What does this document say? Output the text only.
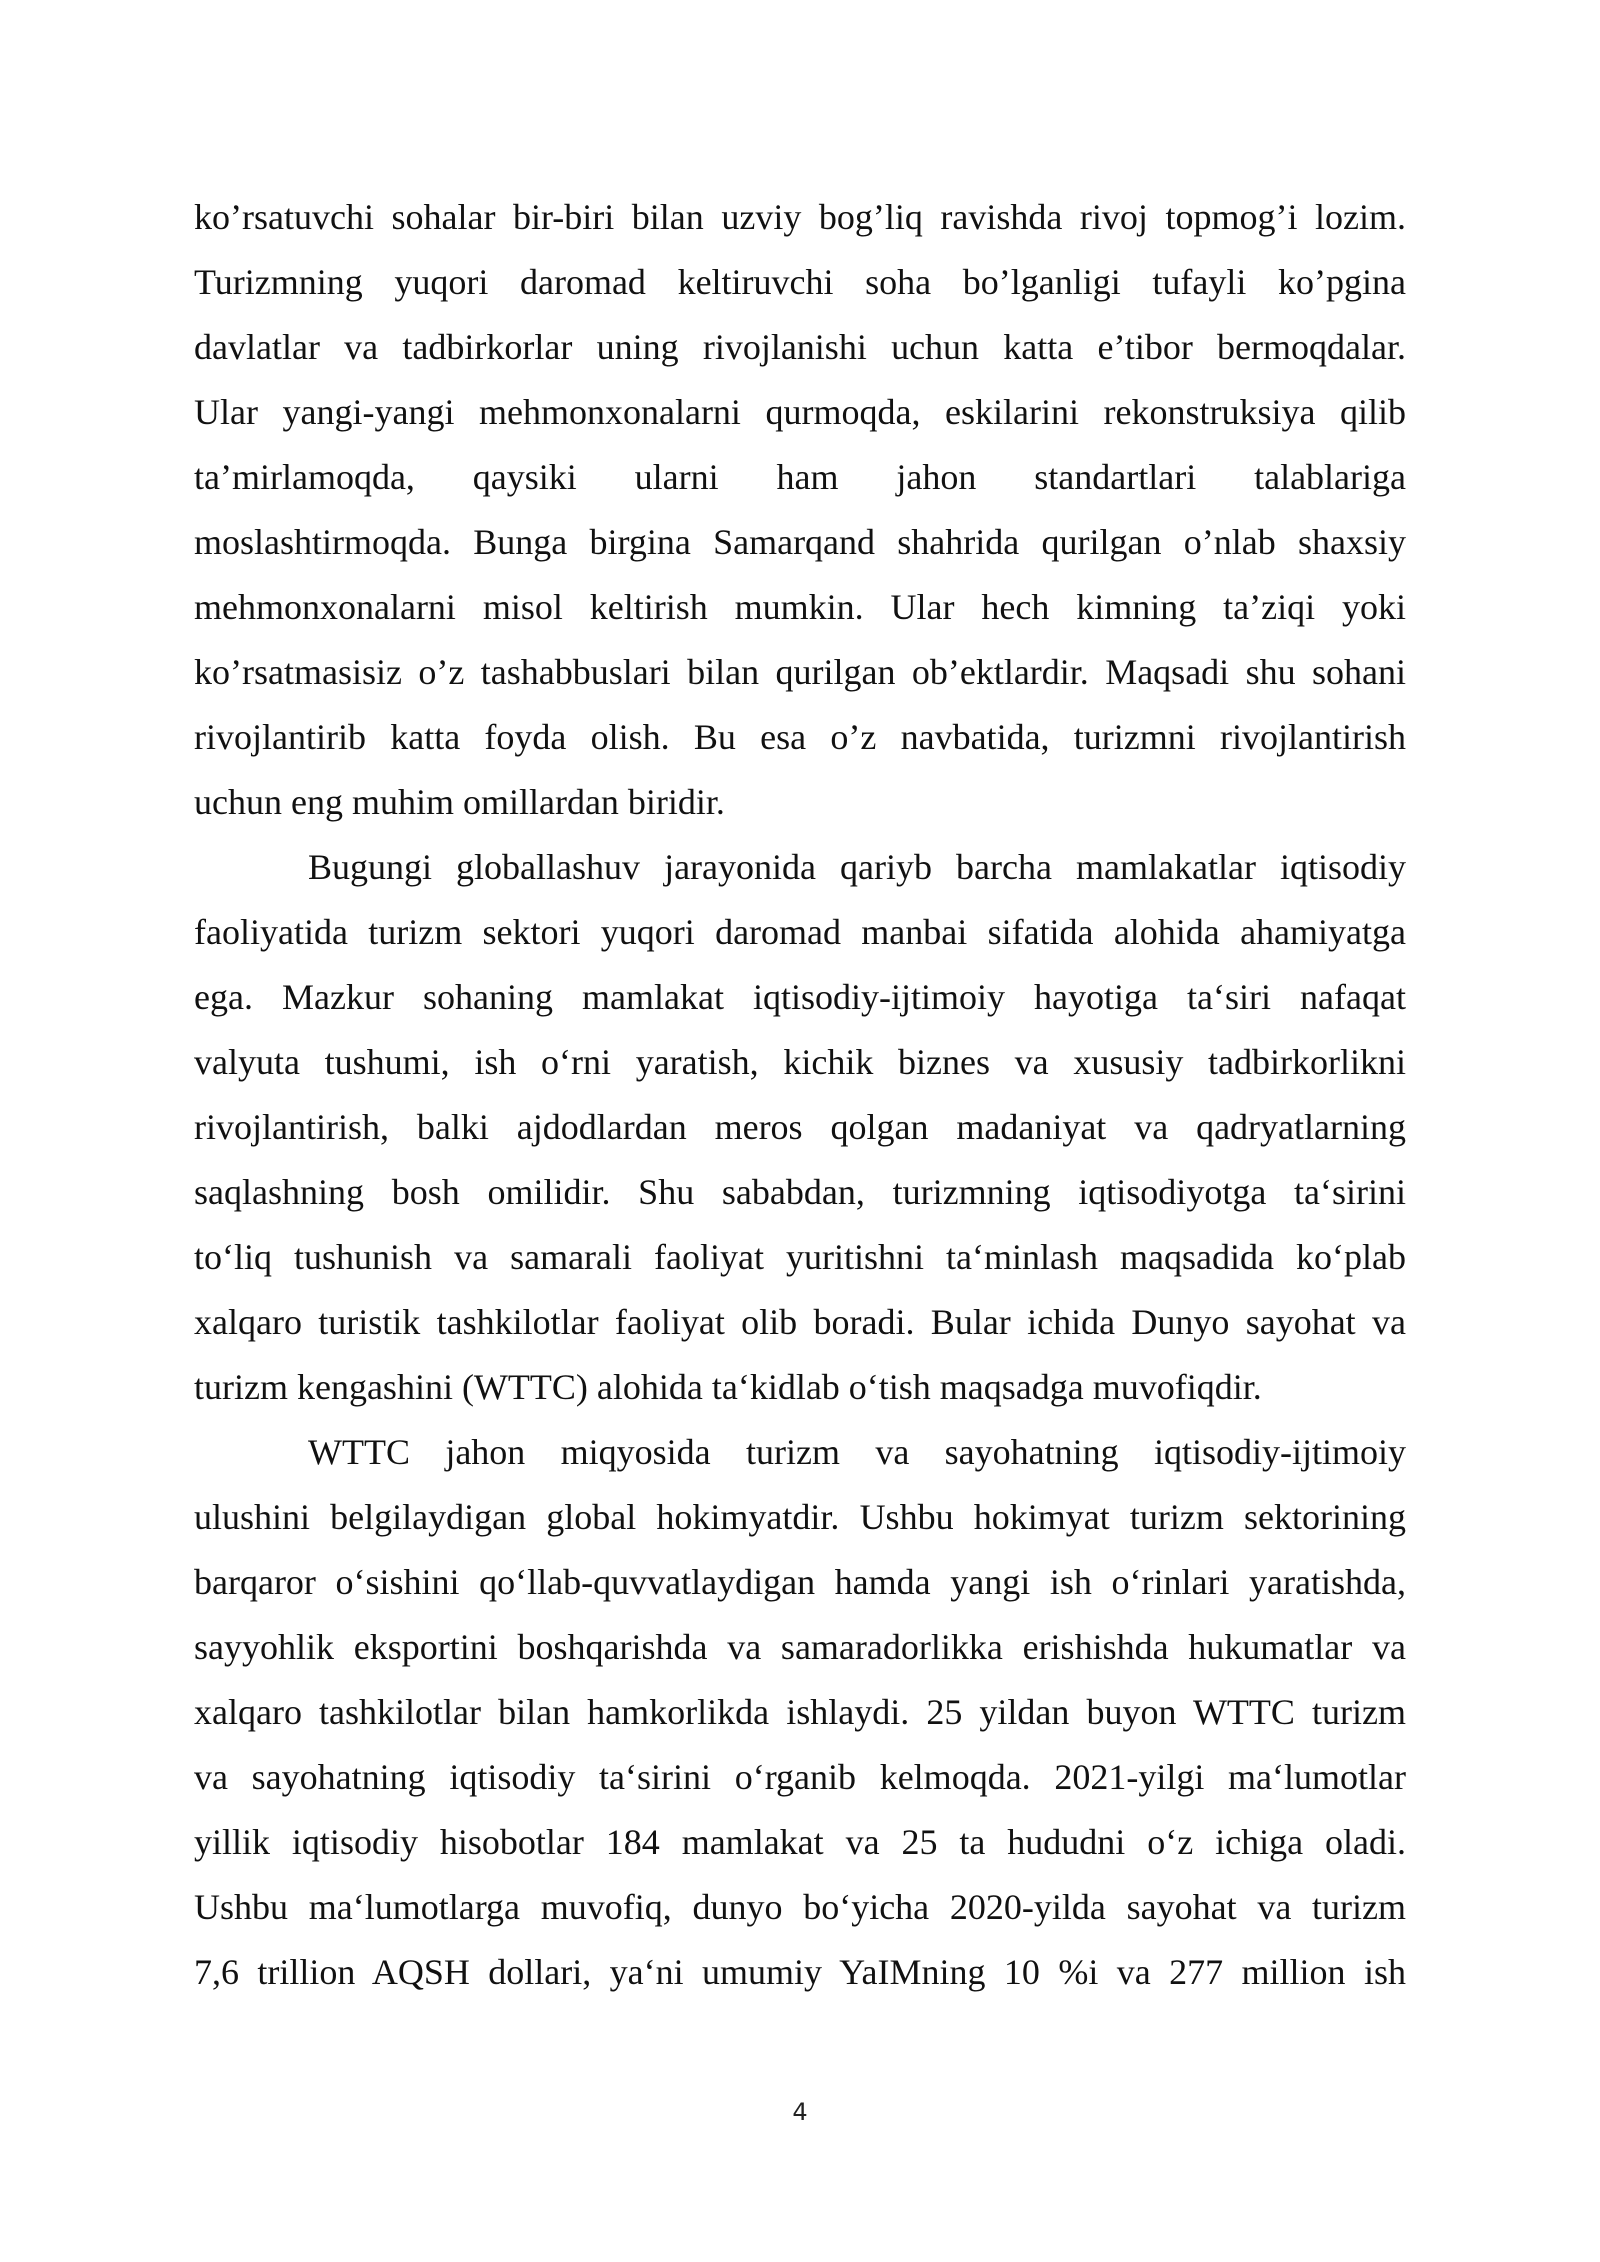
ko’rsatuvchi sohalar bir-biri bilan uzviy bog’liq ravishda rivoj topmog’i lozim.
Turizmning yuqori daromad keltiruvchi soha bo’lganligi tufayli ko’pgina
davlatlar va tadbirkorlar uning rivojlanishi uchun katta e’tibor bermoqdalar.
Ular yangi-yangi mehmonxonalarni qurmoqda, eskilarini rekonstruksiya qilib
ta’mirlamoqda, qaysiki ularni ham jahon standartlari talablariga
moslashtirmoqda. Bunga birgina Samarqand shahrida qurilgan o’nlab shaxsiy
mehmonxonalarni misol keltirish mumkin. Ular hech kimning ta’ziqi yoki
ko’rsatmasisiz o’z tashabbuslari bilan qurilgan ob’ektlardir. Maqsadi shu sohani
rivojlantirib katta foyda olish. Bu esa o’z navbatida, turizmni rivojlantirish
uchun eng muhim omillardan biridir.
Bugungi globallashuv jarayonida qariyb barcha mamlakatlar iqtisodiy
faoliyatida turizm sektori yuqori daromad manbai sifatida alohida ahamiyatga
ega. Mazkur sohaning mamlakat iqtisodiy-ijtimoiy hayotiga ta‘siri nafaqat
valyuta tushumi, ish o‘rni yaratish, kichik biznes va xususiy tadbirkorlikni
rivojlantirish, balki ajdodlardan meros qolgan madaniyat va qadryatlarning
saqlashning bosh omilidir. Shu sababdan, turizmning iqtisodiyotga ta‘sirini
to‘liq tushunish va samarali faoliyat yuritishni ta‘minlash maqsadida ko‘plab
xalqaro turistik tashkilotlar faoliyat olib boradi. Bular ichida Dunyo sayohat va
turizm kengashini (WTTC) alohida ta‘kidlab o‘tish maqsadga muvofiqdir.
WTTC jahon miqyosida turizm va sayohatning iqtisodiy-ijtimoiy
ulushini belgilaydigan global hokimyatdir. Ushbu hokimyat turizm sektorining
barqaror o‘sishini qo‘llab-quvvatlaydigan hamda yangi ish o‘rinlari yaratishda,
sayyohlik eksportini boshqarishda va samaradorlikka erishishda hukumatlar va
xalqaro tashkilotlar bilan hamkorlikda ishlaydi. 25 yildan buyon WTTC turizm
va sayohatning iqtisodiy ta‘sirini o‘rganib kelmoqda. 2021-yilgi ma‘lumotlar
yillik iqtisodiy hisobotlar 184 mamlakat va 25 ta hududni o‘z ichiga oladi.
Ushbu ma‘lumotlarga muvofiq, dunyo bo‘yicha 2020-yilda sayohat va turizm
7,6 trillion AQSH dollari, ya‘ni umumiy YaIMning 10 %i va 277 million ish
4
